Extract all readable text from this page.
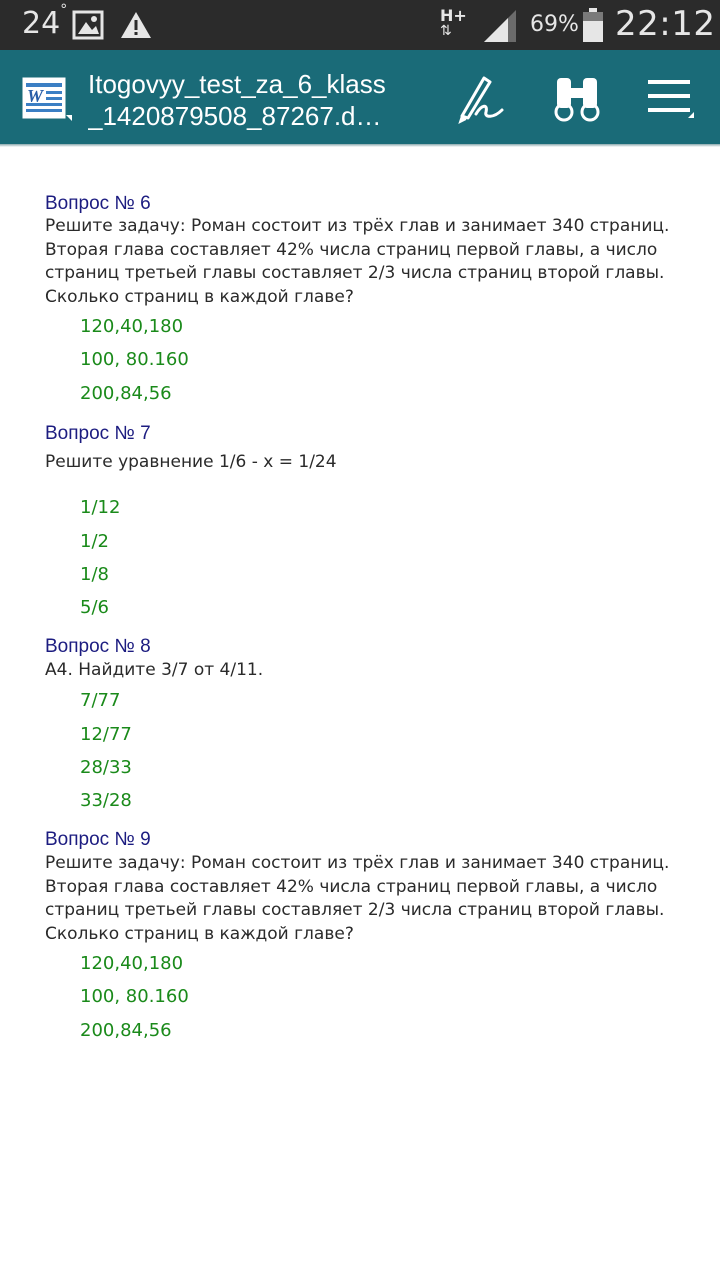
24°	H+
⇅	69% 22:12
W Itogovyy_test_za_6_klass
_1420879508_87267.d…
Вопрос № 6
Решите задачу: Роман состоит из трёх глав и занимает 340 страниц. Вторая глава составляет 42% числа страниц первой главы, а число страниц третьей главы составляет 2/3 числа страниц второй главы. Сколько страниц в каждой главе?
120,40,180
100, 80.160
200,84,56
Вопрос № 7
Решите уравнение 1/6 - x = 1/24
1/12
1/2
1/8
5/6
Вопрос № 8
A4. Найдите 3/7 от 4/11.
7/77
12/77
28/33
33/28
Вопрос № 9
Решите задачу: Роман состоит из трёх глав и занимает 340 страниц. Вторая глава составляет 42% числа страниц первой главы, а число страниц третьей главы составляет 2/3 числа страниц второй главы. Сколько страниц в каждой главе?
120,40,180
100, 80.160
200,84,56
